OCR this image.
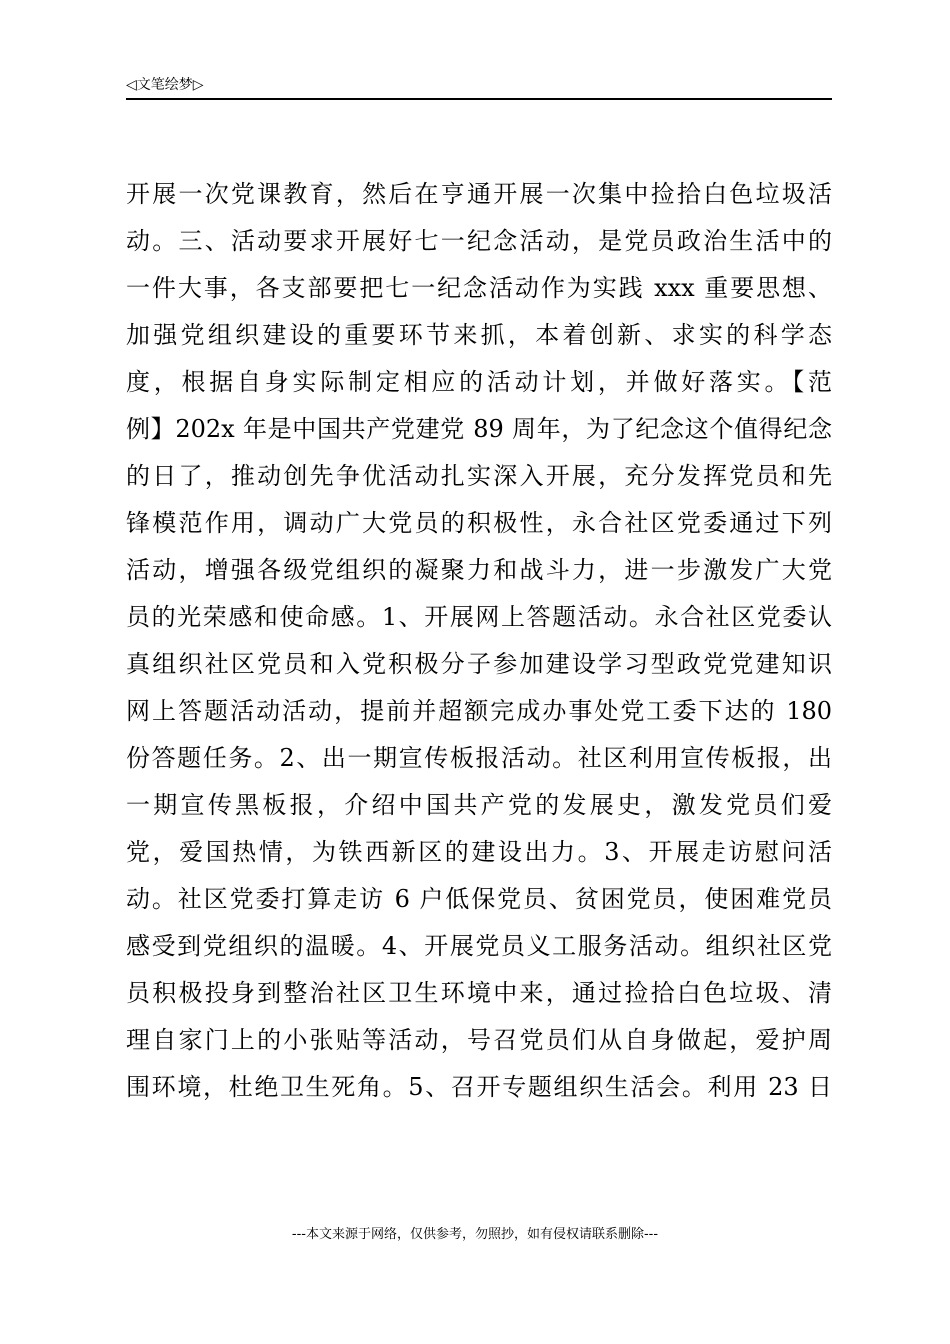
◁文笔绘梦▷
开展一次党课教育，然后在亨通开展一次集中捡拾白色垃圾活
动。三、活动要求开展好七一纪念活动，是党员政治生活中的
一件大事，各支部要把七一纪念活动作为实践 xxx 重要思想、
加强党组织建设的重要环节来抓，本着创新、求实的科学态
度，根据自身实际制定相应的活动计划，并做好落实。【范
例】202x 年是中国共产党建党 89 周年，为了纪念这个值得纪念
的日了，推动创先争优活动扎实深入开展，充分发挥党员和先
锋模范作用，调动广大党员的积极性，永合社区党委通过下列
活动，增强各级党组织的凝聚力和战斗力，进一步激发广大党
员的光荣感和使命感。1、开展网上答题活动。永合社区党委认
真组织社区党员和入党积极分子参加建设学习型政党党建知识
网上答题活动活动，提前并超额完成办事处党工委下达的 180
份答题任务。2、出一期宣传板报活动。社区利用宣传板报，出
一期宣传黑板报，介绍中国共产党的发展史，激发党员们爱
党，爱国热情，为铁西新区的建设出力。3、开展走访慰问活
动。社区党委打算走访 6 户低保党员、贫困党员，使困难党员
感受到党组织的温暖。4、开展党员义工服务活动。组织社区党
员积极投身到整治社区卫生环境中来，通过捡拾白色垃圾、清
理自家门上的小张贴等活动，号召党员们从自身做起，爱护周
围环境，杜绝卫生死角。5、召开专题组织生活会。利用 23 日
---本文来源于网络，仅供参考，勿照抄，如有侵权请联系删除---
